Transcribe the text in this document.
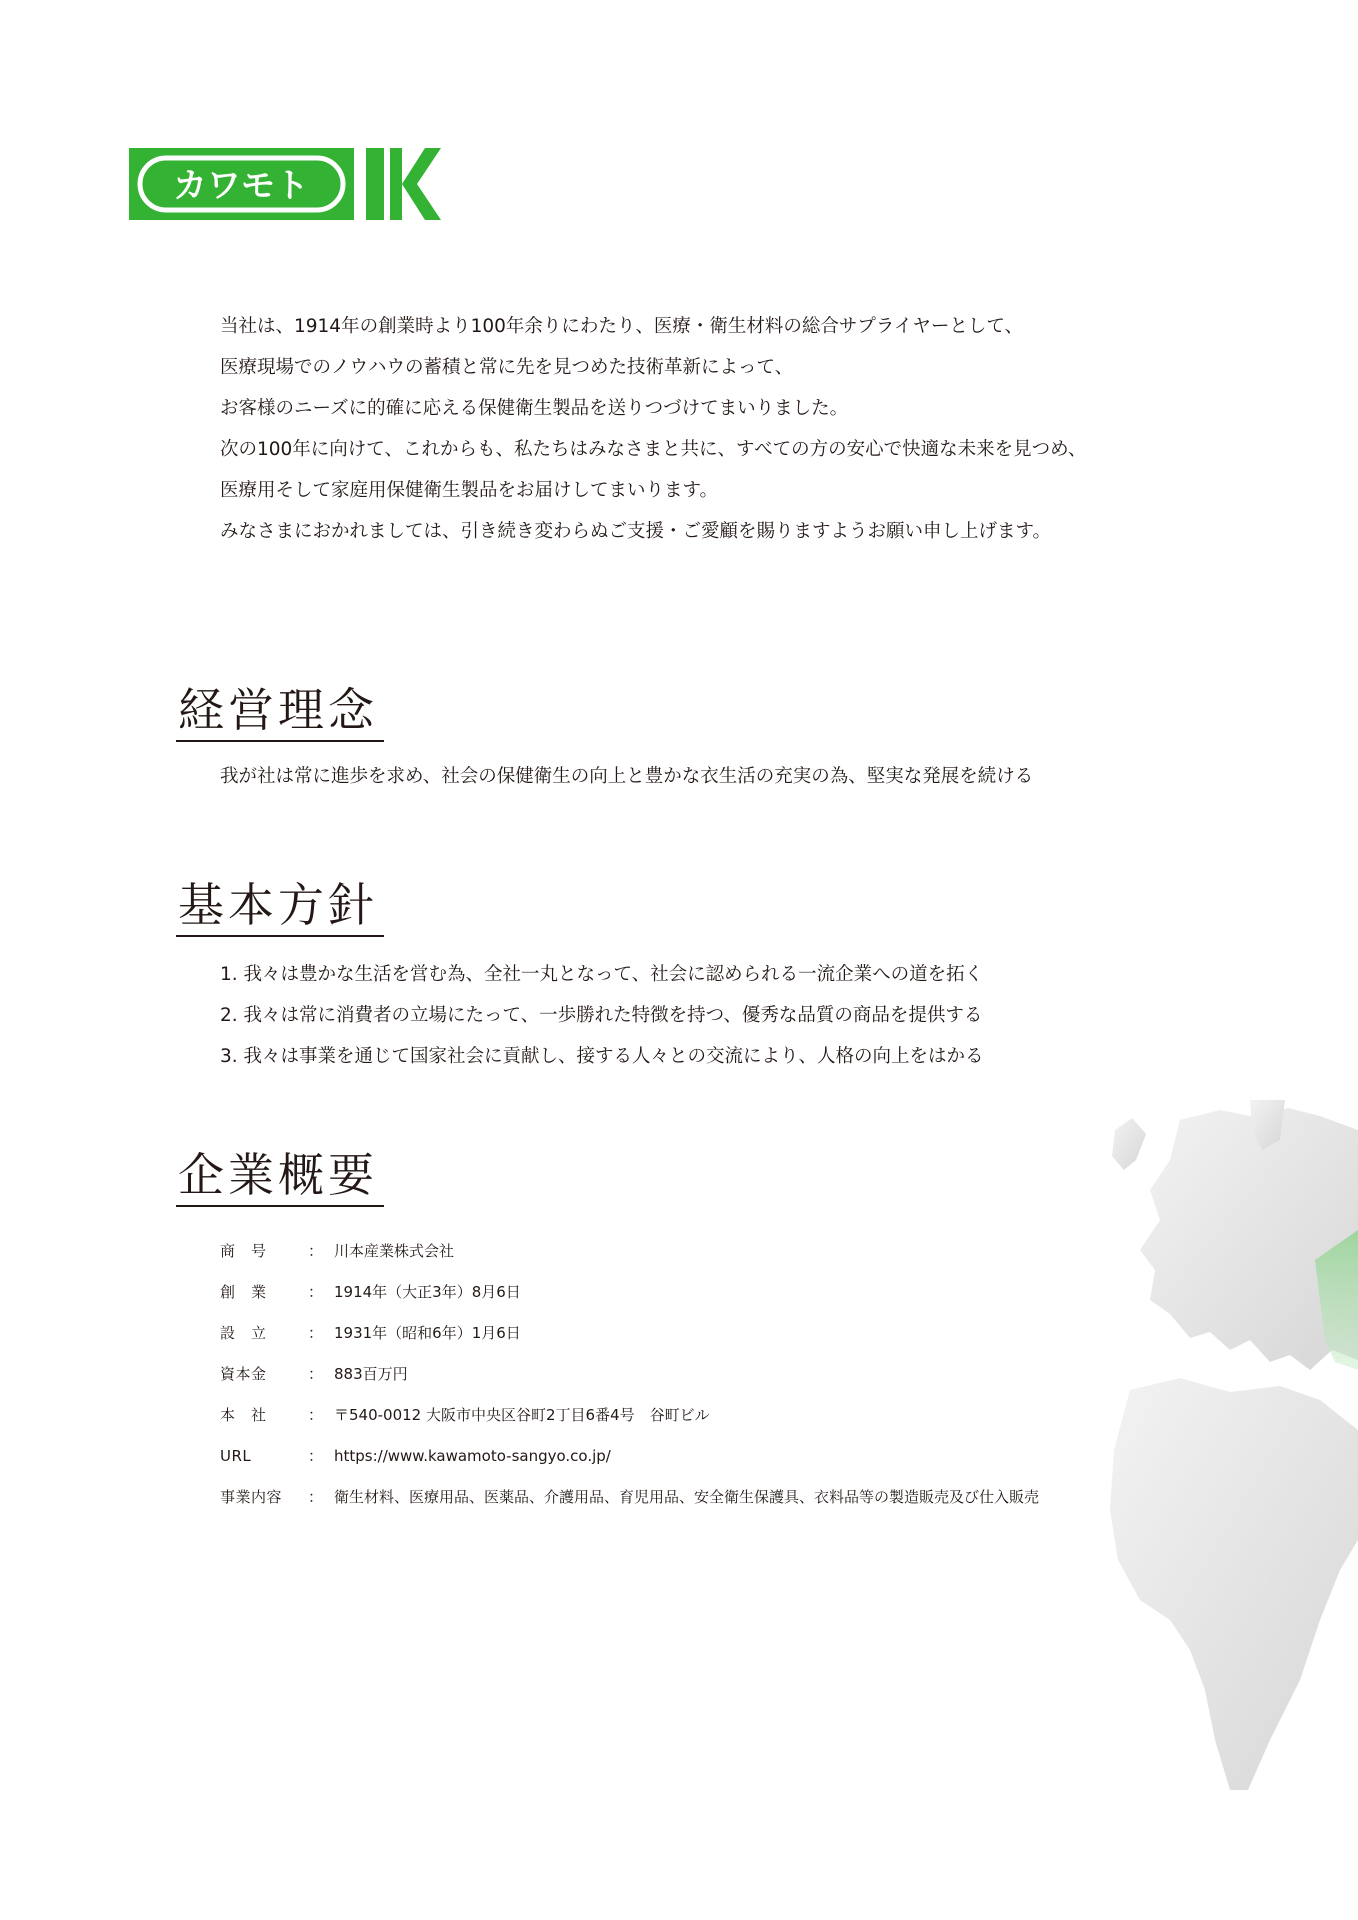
カワモト

当社は、1914年の創業時より100年余りにわたり、医療・衛生材料の総合サプライヤーとして、

医療現場でのノウハウの蓄積と常に先を見つめた技術革新によって、

お客様のニーズに的確に応える保健衛生製品を送りつづけてまいりました。

次の100年に向けて、これからも、私たちはみなさまと共に、すべての方の安心で快適な未来を見つめ、

医療用そして家庭用保健衛生製品をお届けしてまいります。

みなさまにおかれましては、引き続き変わらぬご支援・ご愛顧を賜りますようお願い申し上げます。

経営理念

我が社は常に進歩を求め、社会の保健衛生の向上と豊かな衣生活の充実の為、堅実な発展を続ける

基本方針
1. 我々は豊かな生活を営む為、全社一丸となって、社会に認められる一流企業への道を拓く
2. 我々は常に消費者の立場にたって、一歩勝れた特徴を持つ、優秀な品質の商品を提供する
3. 我々は事業を通じて国家社会に貢献し、接する人々との交流により、人格の向上をはかる
企業概要
商　号	：	川本産業株式会社
創　業	：	1914年（大正3年）8月6日
設　立	：	1931年（昭和6年）1月6日
資本金	：	883百万円
本　社	：	〒540-0012 大阪市中央区谷町2丁目6番4号　谷町ビル
URL	：	https://www.kawamoto-sangyo.co.jp/
事業内容	：	衛生材料、医療用品、医薬品、介護用品、育児用品、安全衛生保護具、衣料品等の製造販売及び仕入販売
